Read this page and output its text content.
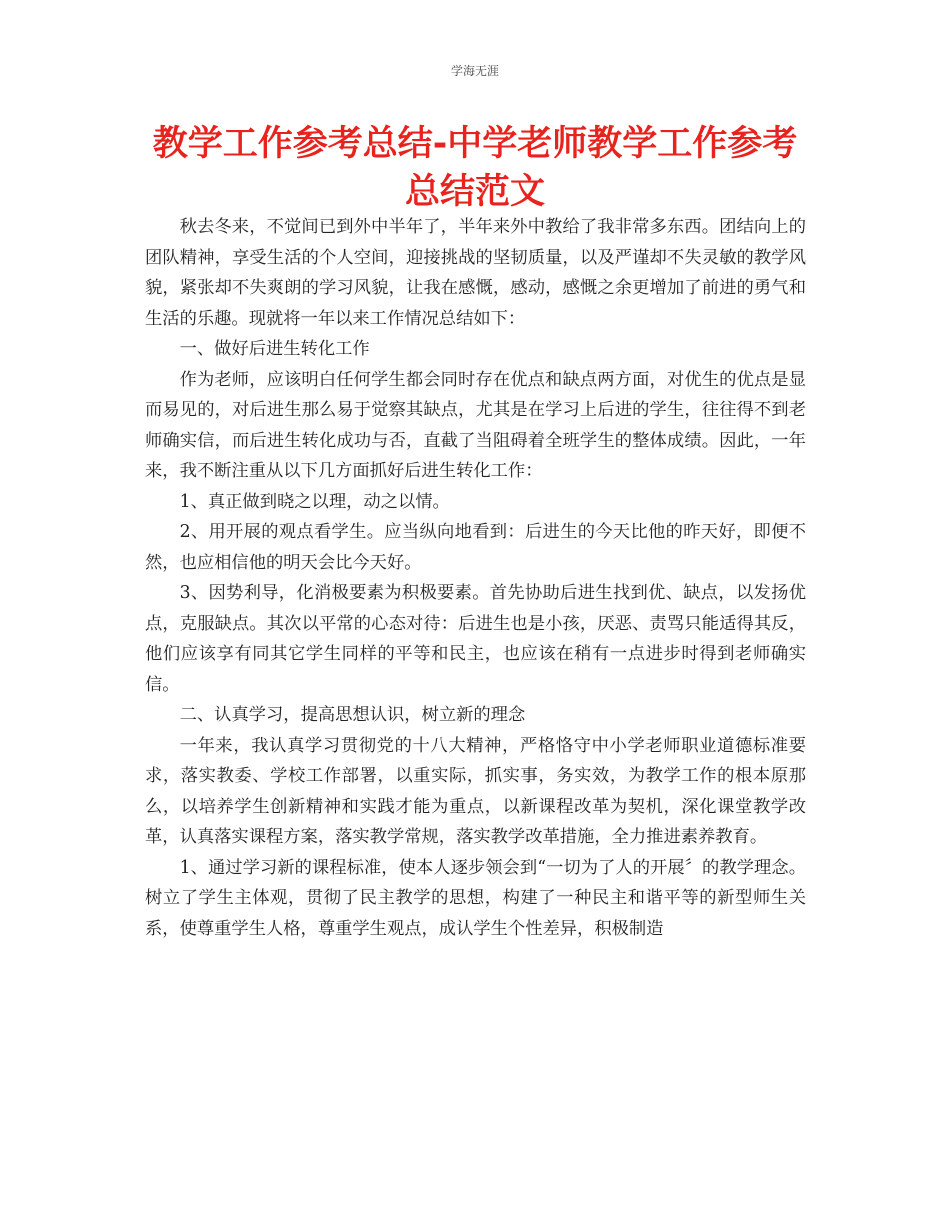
学海无涯
教学工作参考总结-中学老师教学工作参考总结范文

秋去冬来，不觉间已到外中半年了，半年来外中教给了我非常多东西。团结向上的团队精神，享受生活的个人空间，迎接挑战的坚韧质量，以及严谨却不失灵敏的教学风貌，紧张却不失爽朗的学习风貌，让我在感慨，感动，感慨之余更增加了前进的勇气和生活的乐趣。现就将一年以来工作情况总结如下：

一、做好后进生转化工作

作为老师，应该明白任何学生都会同时存在优点和缺点两方面，对优生的优点是显而易见的，对后进生那么易于觉察其缺点，尤其是在学习上后进的学生，往往得不到老师确实信，而后进生转化成功与否，直截了当阻碍着全班学生的整体成绩。因此，一年来，我不断注重从以下几方面抓好后进生转化工作：

1、真正做到晓之以理，动之以情。

2、用开展的观点看学生。应当纵向地看到：后进生的今天比他的昨天好，即便不然，也应相信他的明天会比今天好。

3、因势利导，化消极要素为积极要素。首先协助后进生找到优、缺点，以发扬优点，克服缺点。其次以平常的心态对待：后进生也是小孩，厌恶、责骂只能适得其反，他们应该享有同其它学生同样的平等和民主，也应该在稍有一点进步时得到老师确实信。

二、认真学习，提高思想认识，树立新的理念

一年来，我认真学习贯彻党的十八大精神，严格恪守中小学老师职业道德标准要求，落实教委、学校工作部署，以重实际，抓实事，务实效，为教学工作的根本原那么，以培养学生创新精神和实践才能为重点，以新课程改革为契机，深化课堂教学改革，认真落实课程方案，落实教学常规，落实教学改革措施，全力推进素养教育。

1、通过学习新的课程标准，使本人逐步领会到“一切为了人的开展〞的教学理念。树立了学生主体观，贯彻了民主教学的思想，构建了一种民主和谐平等的新型师生关系，使尊重学生人格，尊重学生观点，成认学生个性差异，积极制造
